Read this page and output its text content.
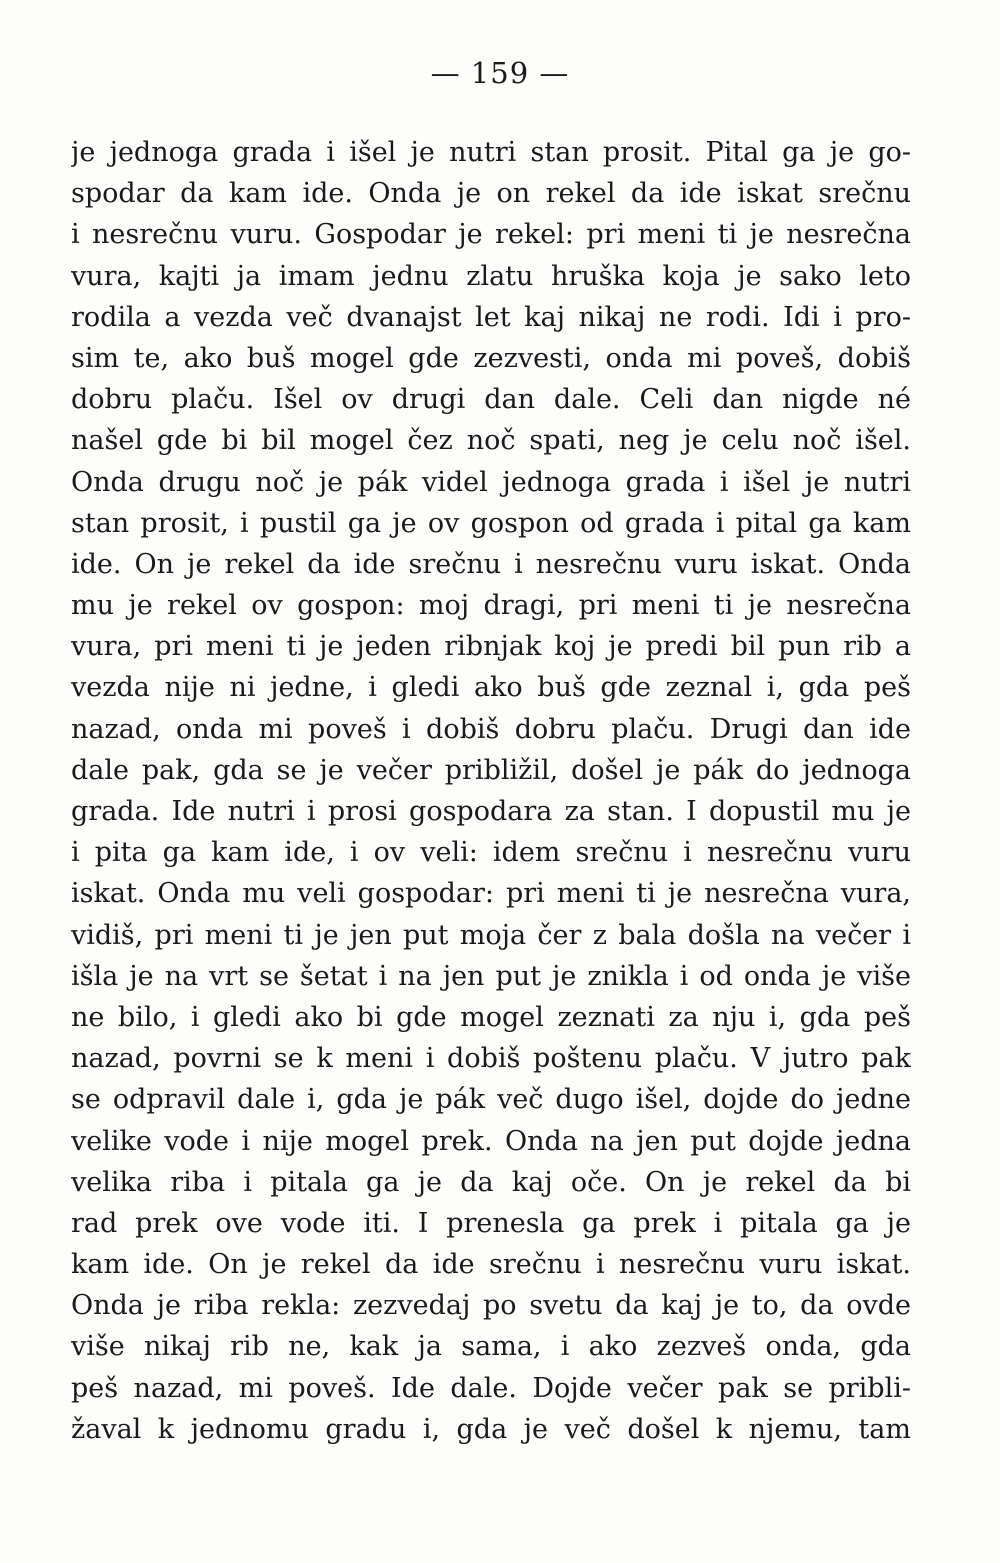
— 159 —
je jednoga grada i išel je nutri stan prosit. Pital ga je go-
spodar da kam ide. Onda je on rekel da ide iskat srečnu
i nesrečnu vuru. Gospodar je rekel: pri meni ti je nesrečna
vura, kajti ja imam jednu zlatu hruška koja je sako leto
rodila a vezda več dvanajst let kaj nikaj ne rodi. Idi i pro-
sim te, ako buš mogel gde zezvesti, onda mi poveš, dobiš
dobru plaču. Išel ov drugi dan dale. Celi dan nigde né
našel gde bi bil mogel čez noč spati, neg je celu noč išel.
Onda drugu noč je pák videl jednoga grada i išel je nutri
stan prosit, i pustil ga je ov gospon od grada i pital ga kam
ide. On je rekel da ide srečnu i nesrečnu vuru iskat. Onda
mu je rekel ov gospon: moj dragi, pri meni ti je nesrečna
vura, pri meni ti je jeden ribnjak koj je predi bil pun rib a
vezda nije ni jedne, i gledi ako buš gde zeznal i, gda peš
nazad, onda mi poveš i dobiš dobru plaču. Drugi dan ide
dale pak, gda se je večer približil, došel je pák do jednoga
grada. Ide nutri i prosi gospodara za stan. I dopustil mu je
i pita ga kam ide, i ov veli: idem srečnu i nesrečnu vuru
iskat. Onda mu veli gospodar: pri meni ti je nesrečna vura,
vidiš, pri meni ti je jen put moja čer z bala došla na večer i
išla je na vrt se šetat i na jen put je znikla i od onda je više
ne bilo, i gledi ako bi gde mogel zeznati za nju i, gda peš
nazad, povrni se k meni i dobiš poštenu plaču. V jutro pak
se odpravil dale i, gda je pák več dugo išel, dojde do jedne
velike vode i nije mogel prek. Onda na jen put dojde jedna
velika riba i pitala ga je da kaj oče. On je rekel da bi
rad prek ove vode iti. I prenesla ga prek i pitala ga je
kam ide. On je rekel da ide srečnu i nesrečnu vuru iskat.
Onda je riba rekla: zezvedaj po svetu da kaj je to, da ovde
više nikaj rib ne, kak ja sama, i ako zezveš onda, gda
peš nazad, mi poveš. Ide dale. Dojde večer pak se pribli-
žaval k jednomu gradu i, gda je več došel k njemu, tam
